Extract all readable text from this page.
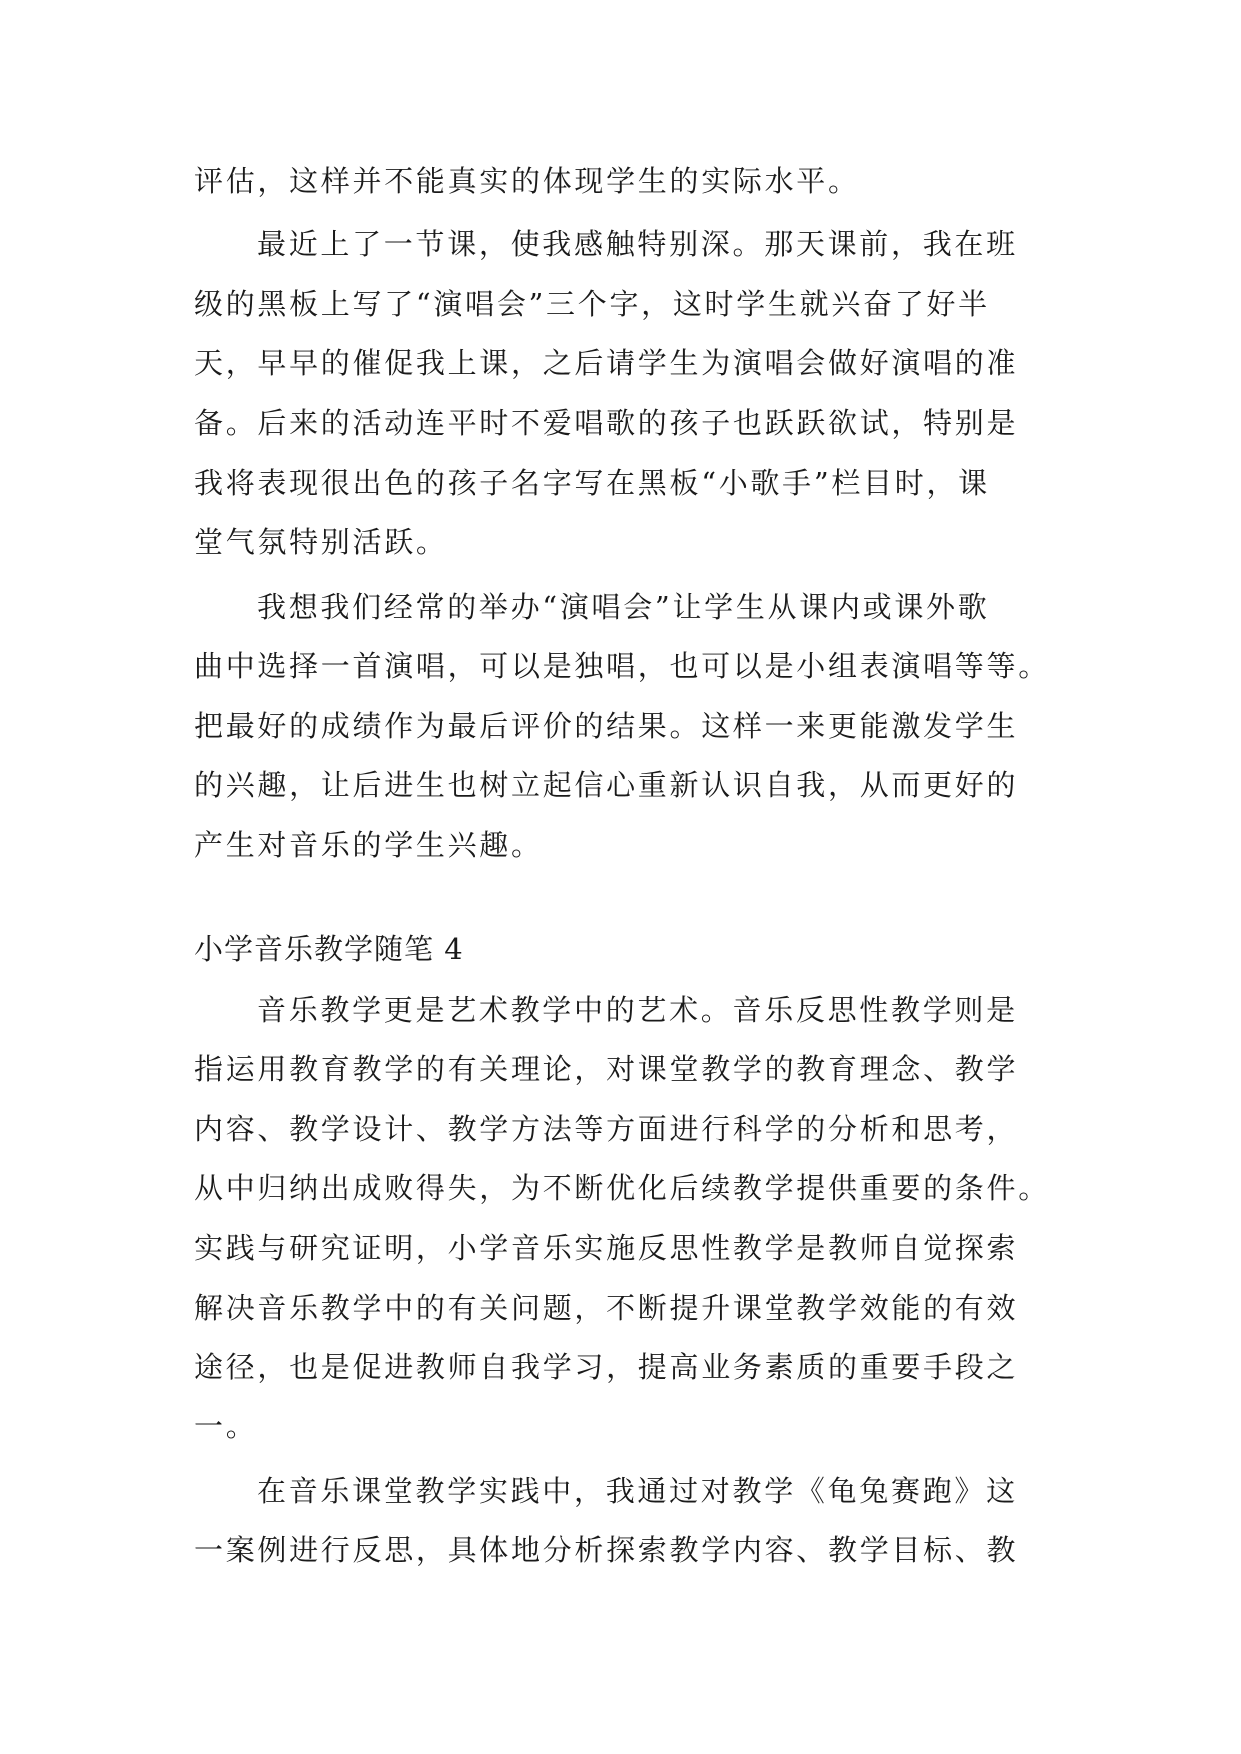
评估，这样并不能真实的体现学生的实际水平。
最近上了一节课，使我感触特别深。那天课前，我在班
级的黑板上写了“演唱会”三个字，这时学生就兴奋了好半
天，早早的催促我上课，之后请学生为演唱会做好演唱的准
备。后来的活动连平时不爱唱歌的孩子也跃跃欲试，特别是
我将表现很出色的孩子名字写在黑板“小歌手”栏目时，课
堂气氛特别活跃。
我想我们经常的举办“演唱会”让学生从课内或课外歌
曲中选择一首演唱，可以是独唱，也可以是小组表演唱等等。
把最好的成绩作为最后评价的结果。这样一来更能激发学生
的兴趣，让后进生也树立起信心重新认识自我，从而更好的
产生对音乐的学生兴趣。
小学音乐教学随笔 4
音乐教学更是艺术教学中的艺术。音乐反思性教学则是
指运用教育教学的有关理论，对课堂教学的教育理念、教学
内容、教学设计、教学方法等方面进行科学的分析和思考，
从中归纳出成败得失，为不断优化后续教学提供重要的条件。
实践与研究证明，小学音乐实施反思性教学是教师自觉探索
解决音乐教学中的有关问题，不断提升课堂教学效能的有效
途径，也是促进教师自我学习，提高业务素质的重要手段之
一。
在音乐课堂教学实践中，我通过对教学《龟兔赛跑》这
一案例进行反思，具体地分析探索教学内容、教学目标、教
